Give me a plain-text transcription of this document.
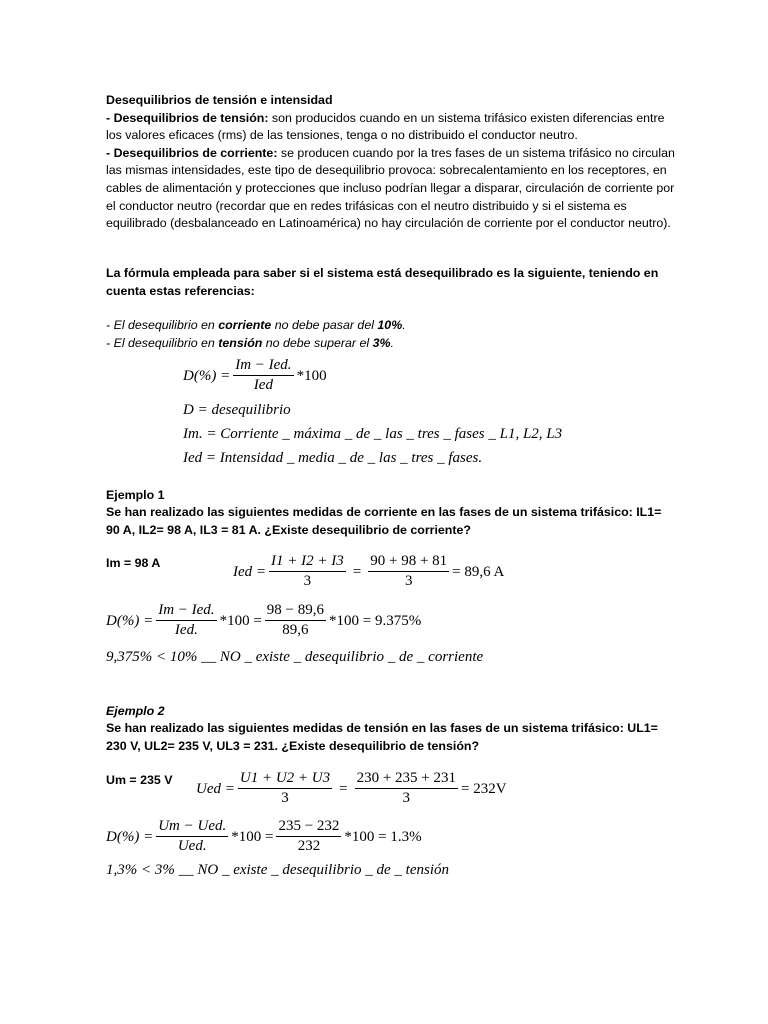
Desequilibrios de tensión e intensidad
- Desequilibrios de tensión: son producidos cuando en un sistema trifásico existen diferencias entre los valores eficaces (rms) de las tensiones, tenga o no distribuido el conductor neutro.
- Desequilibrios de corriente: se producen cuando por la tres fases de un sistema trifásico no circulan las mismas intensidades, este tipo de desequilibrio provoca: sobrecalentamiento en los receptores, en cables de alimentación y protecciones que incluso podrían llegar a disparar, circulación de corriente por el conductor neutro (recordar que en redes trifásicas con el neutro distribuido y si el sistema es equilibrado (desbalanceado en Latinoamérica) no hay circulación de corriente por el conductor neutro).
La fórmula empleada para saber si el sistema está desequilibrado es la siguiente, teniendo en cuenta estas referencias:
- El desequilibrio en corriente no debe pasar del 10%.
- El desequilibrio en tensión no debe superar el 3%.
$D(\%) = \frac{\text{Im − Ied.}}{\text{Ied}} *100$
D = desequilibrio
Im. = Corriente _ máxima _ de _ las _ tres _ fases _ L1, L2, L3
Ied = Intensidad _ media _ de _ las _ tres _ fases.
Ejemplo 1
Se han realizado las siguientes medidas de corriente en las fases de un sistema trifásico: IL1= 90 A, IL2= 98 A, IL3 = 81 A. ¿Existe desequilibrio de corriente?
Im = 98 A
Ied = $\frac{I1 + I2 + I3}{3} = \frac{90 + 98 + 81}{3} = 89,6$ A
$D(\%) = \frac{\text{Im − Ied.}}{\text{Ied.}} *100 = \frac{98 - 89,6}{89,6} *100 = 9.375\%$
9,375% < 10% __ NO _ existe _ desequilibrio _ de _ corriente
Ejemplo 2
Se han realizado las siguientes medidas de tensión en las fases de un sistema trifásico: UL1= 230 V, UL2= 235 V, UL3 = 231. ¿Existe desequilibrio de tensión?
Um = 235 V
Ued = $\frac{U1 + U2 + U3}{3} = \frac{230 + 235 + 231}{3} = 232V$
$D(\%) = \frac{\text{Um − Ued.}}{\text{Ued.}} *100 = \frac{235 - 232}{232} *100 = 1.3\%$
1,3% < 3% __ NO _ existe _ desequilibrio _ de _ tensión
